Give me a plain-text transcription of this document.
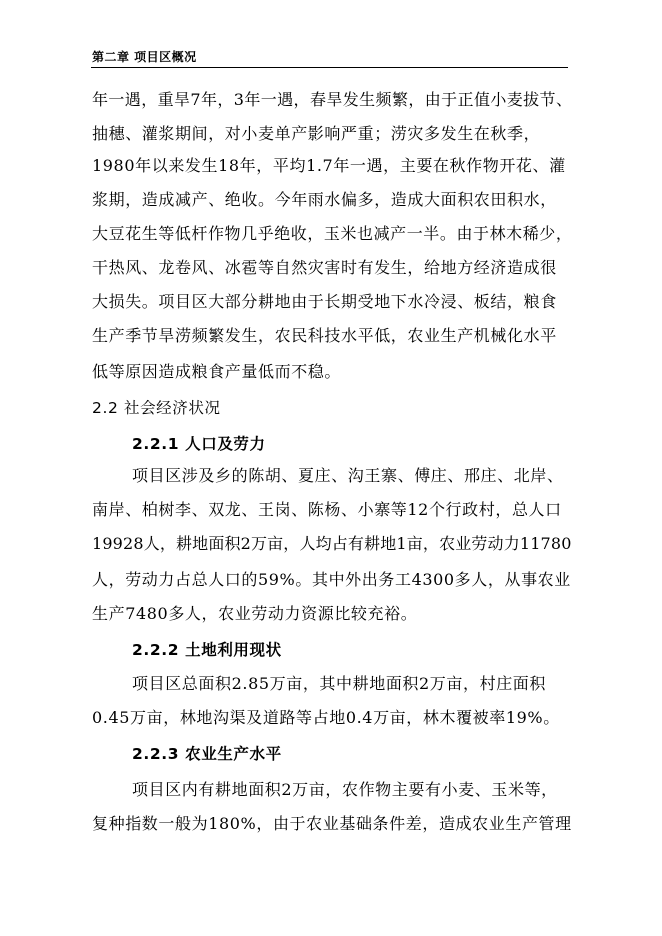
第二章 项目区概况
年一遇，重旱7年，3年一遇，春旱发生频繁，由于正值小麦拔节、
抽穗、灌浆期间，对小麦单产影响严重；涝灾多发生在秋季，
1980年以来发生18年，平均1.7年一遇，主要在秋作物开花、灌
浆期，造成减产、绝收。今年雨水偏多，造成大面积农田积水，
大豆花生等低杆作物几乎绝收，玉米也减产一半。由于林木稀少，
干热风、龙卷风、冰雹等自然灾害时有发生，给地方经济造成很
大损失。项目区大部分耕地由于长期受地下水冷浸、板结，粮食
生产季节旱涝频繁发生，农民科技水平低，农业生产机械化水平
低等原因造成粮食产量低而不稳。
2.2 社会经济状况
2.2.1 人口及劳力
项目区涉及乡的陈胡、夏庄、沟王寨、傅庄、邢庄、北岸、
南岸、柏树李、双龙、王岗、陈杨、小寨等12个行政村，总人口
19928人，耕地面积2万亩，人均占有耕地1亩，农业劳动力11780
人，劳动力占总人口的59%。其中外出务工4300多人，从事农业
生产7480多人，农业劳动力资源比较充裕。
2.2.2 土地利用现状
项目区总面积2.85万亩，其中耕地面积2万亩，村庄面积
0.45万亩，林地沟渠及道路等占地0.4万亩，林木覆被率19%。
2.2.3 农业生产水平
项目区内有耕地面积2万亩，农作物主要有小麦、玉米等，
复种指数一般为180%，由于农业基础条件差，造成农业生产管理
